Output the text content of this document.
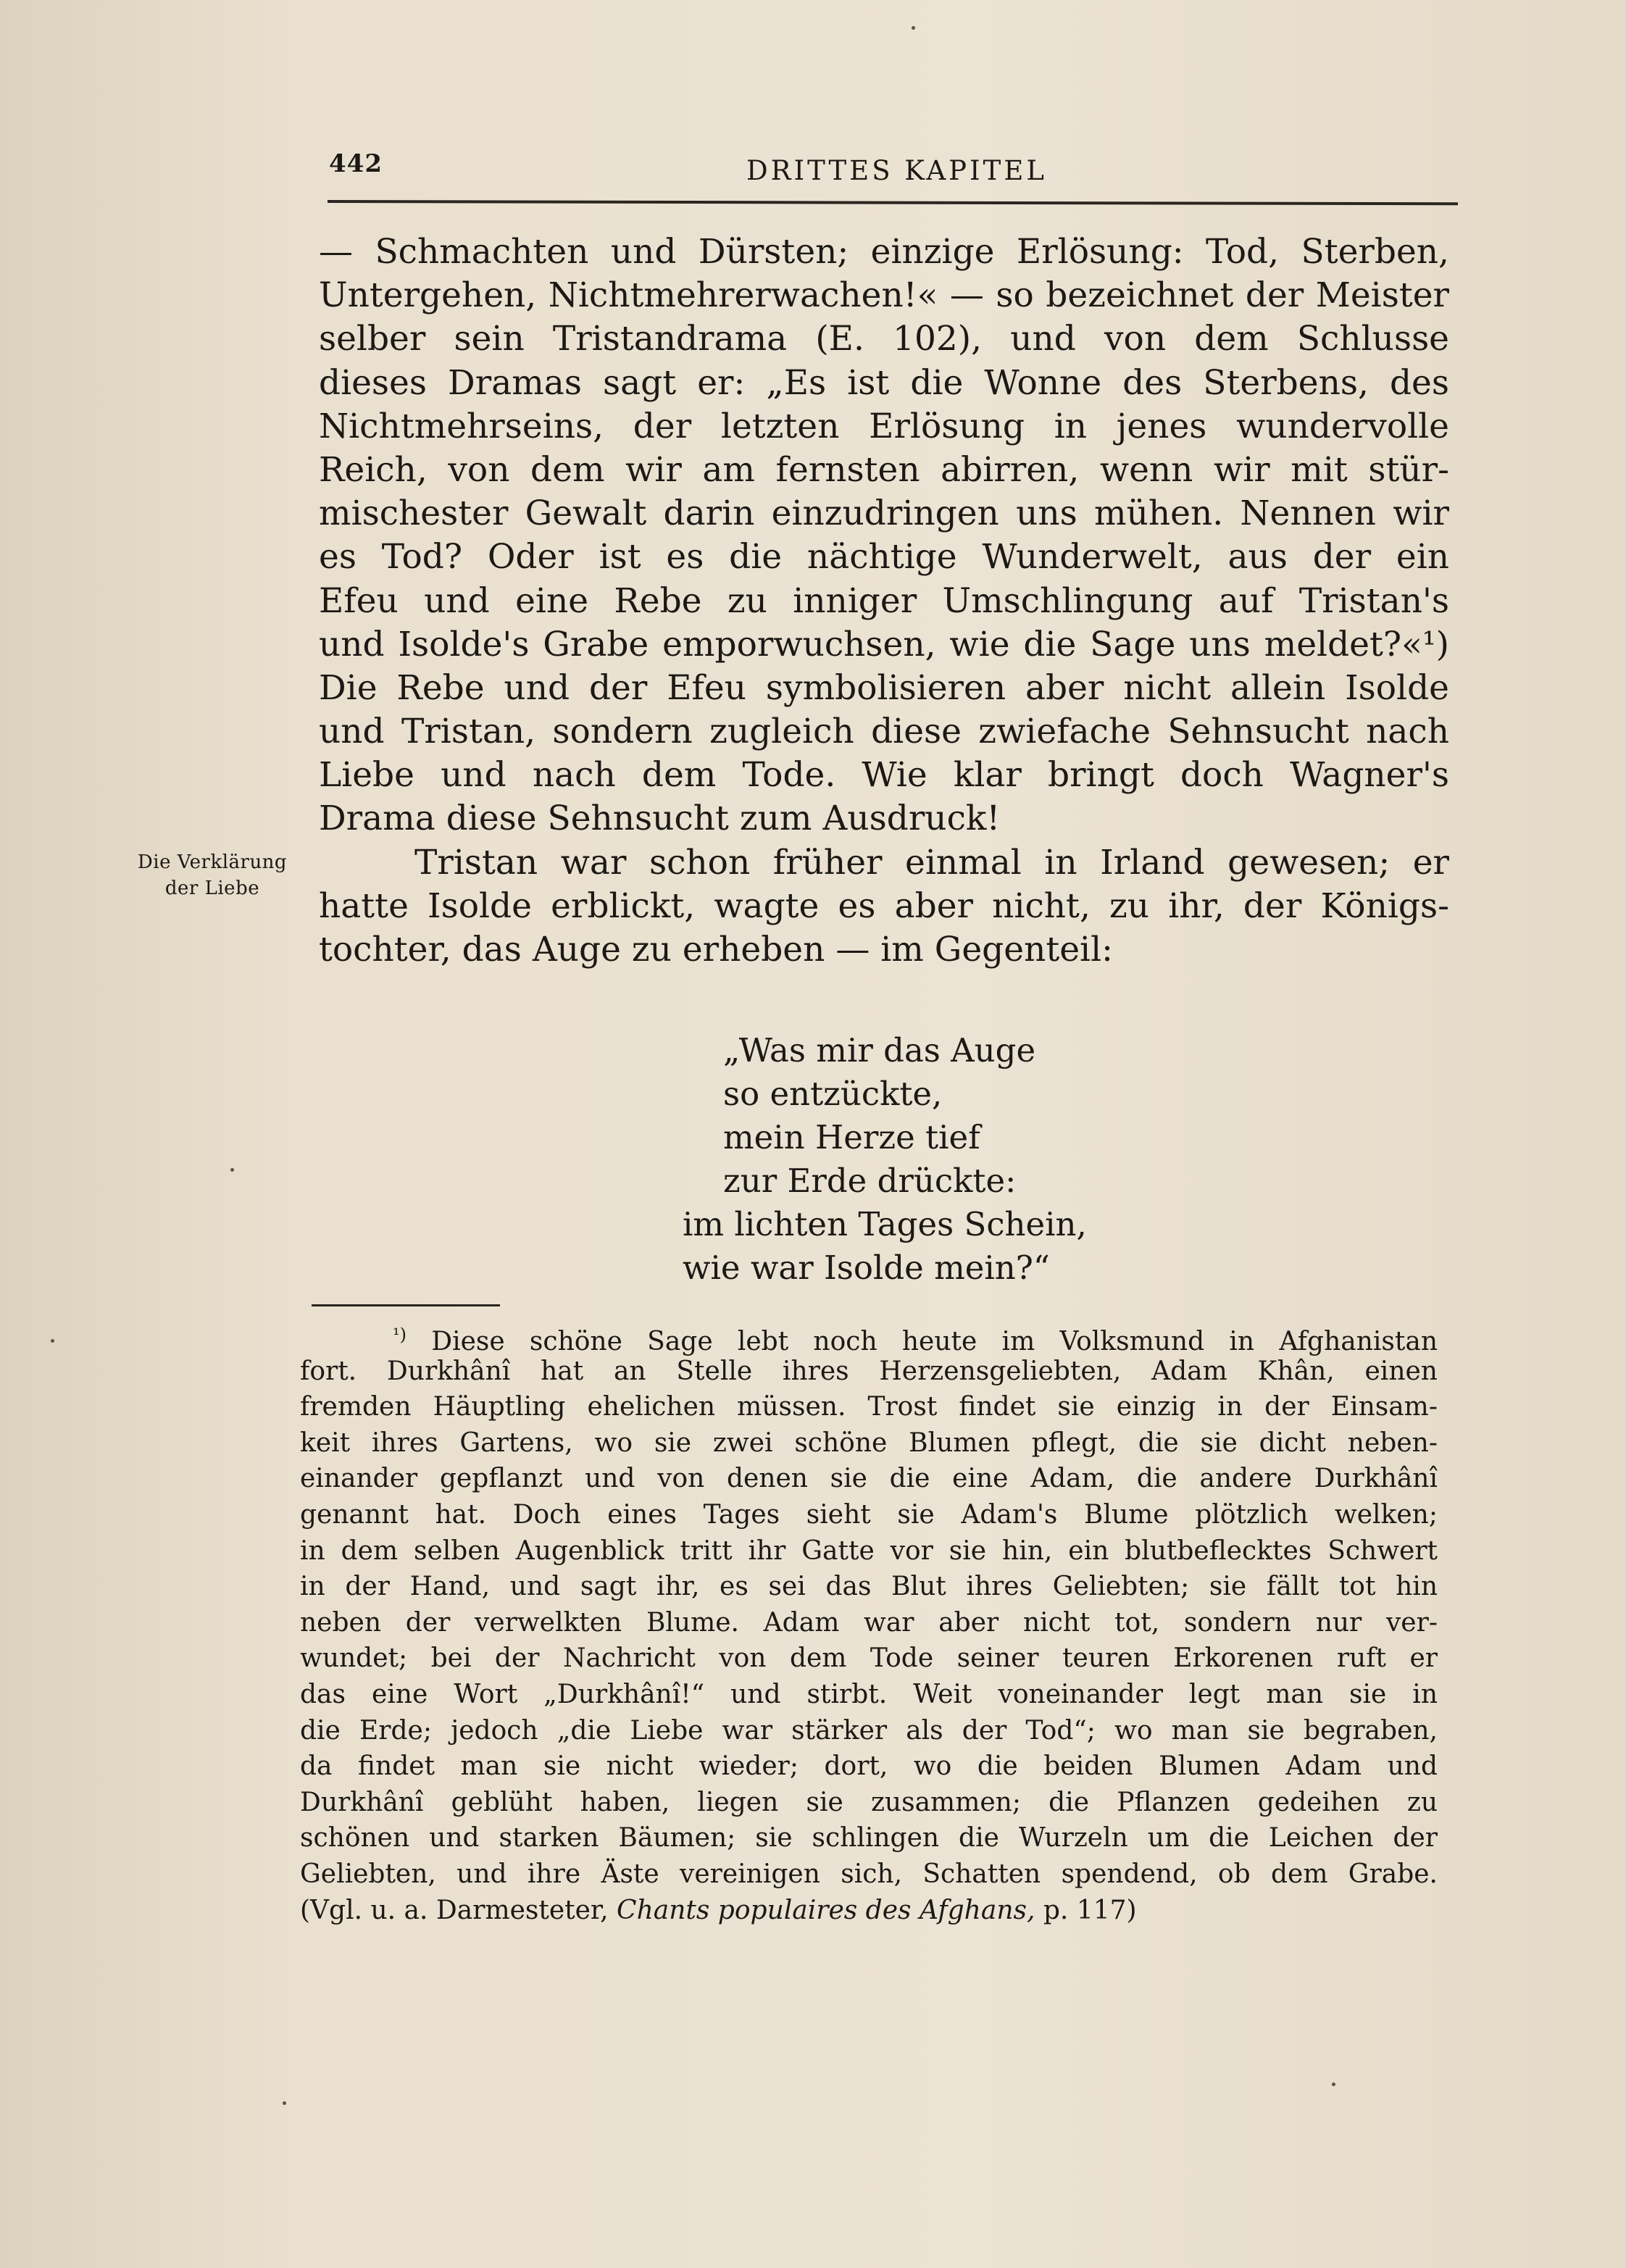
442	DRITTES KAPITEL
Die Verklärung
der Liebe
— Schmachten und Dürsten; einzige Erlösung: Tod, Sterben,
Untergehen, Nichtmehrerwachen!« — so bezeichnet der Meister
selber sein Tristandrama (E. 102), und von dem Schlusse
dieses Dramas sagt er: „Es ist die Wonne des Sterbens, des
Nichtmehrseins, der letzten Erlösung in jenes wundervolle
Reich, von dem wir am fernsten abirren, wenn wir mit stür-
mischester Gewalt darin einzudringen uns mühen. Nennen wir
es Tod? Oder ist es die nächtige Wunderwelt, aus der ein
Efeu und eine Rebe zu inniger Umschlingung auf Tristan's
und Isolde's Grabe emporwuchsen, wie die Sage uns meldet?«¹)
Die Rebe und der Efeu symbolisieren aber nicht allein Isolde
und Tristan, sondern zugleich diese zwiefache Sehnsucht nach
Liebe und nach dem Tode. Wie klar bringt doch Wagner's
Drama diese Sehnsucht zum Ausdruck!
Tristan war schon früher einmal in Irland gewesen; er
hatte Isolde erblickt, wagte es aber nicht, zu ihr, der Königs-
tochter, das Auge zu erheben — im Gegenteil:
„Was mir das Auge
so entzückte,
mein Herze tief
zur Erde drückte:
im lichten Tages Schein,
wie war Isolde mein?“
$^{^1)}$ Diese schöne Sage lebt noch heute im Volksmund in Afghanistan
fort. Durkhânî hat an Stelle ihres Herzensgeliebten, Adam Khân, einen
fremden Häuptling ehelichen müssen. Trost findet sie einzig in der Einsam-
keit ihres Gartens, wo sie zwei schöne Blumen pflegt, die sie dicht neben-
einander gepflanzt und von denen sie die eine Adam, die andere Durkhânî
genannt hat. Doch eines Tages sieht sie Adam's Blume plötzlich welken;
in dem selben Augenblick tritt ihr Gatte vor sie hin, ein blutbeflecktes Schwert
in der Hand, und sagt ihr, es sei das Blut ihres Geliebten; sie fällt tot hin
neben der verwelkten Blume. Adam war aber nicht tot, sondern nur ver-
wundet; bei der Nachricht von dem Tode seiner teuren Erkorenen ruft er
das eine Wort „Durkhânî!“ und stirbt. Weit voneinander legt man sie in
die Erde; jedoch „die Liebe war stärker als der Tod“; wo man sie begraben,
da findet man sie nicht wieder; dort, wo die beiden Blumen Adam und
Durkhânî geblüht haben, liegen sie zusammen; die Pflanzen gedeihen zu
schönen und starken Bäumen; sie schlingen die Wurzeln um die Leichen der
Geliebten, und ihre Äste vereinigen sich, Schatten spendend, ob dem Grabe.
(Vgl. u. a. Darmesteter, Chants populaires des Afghans, p. 117)
